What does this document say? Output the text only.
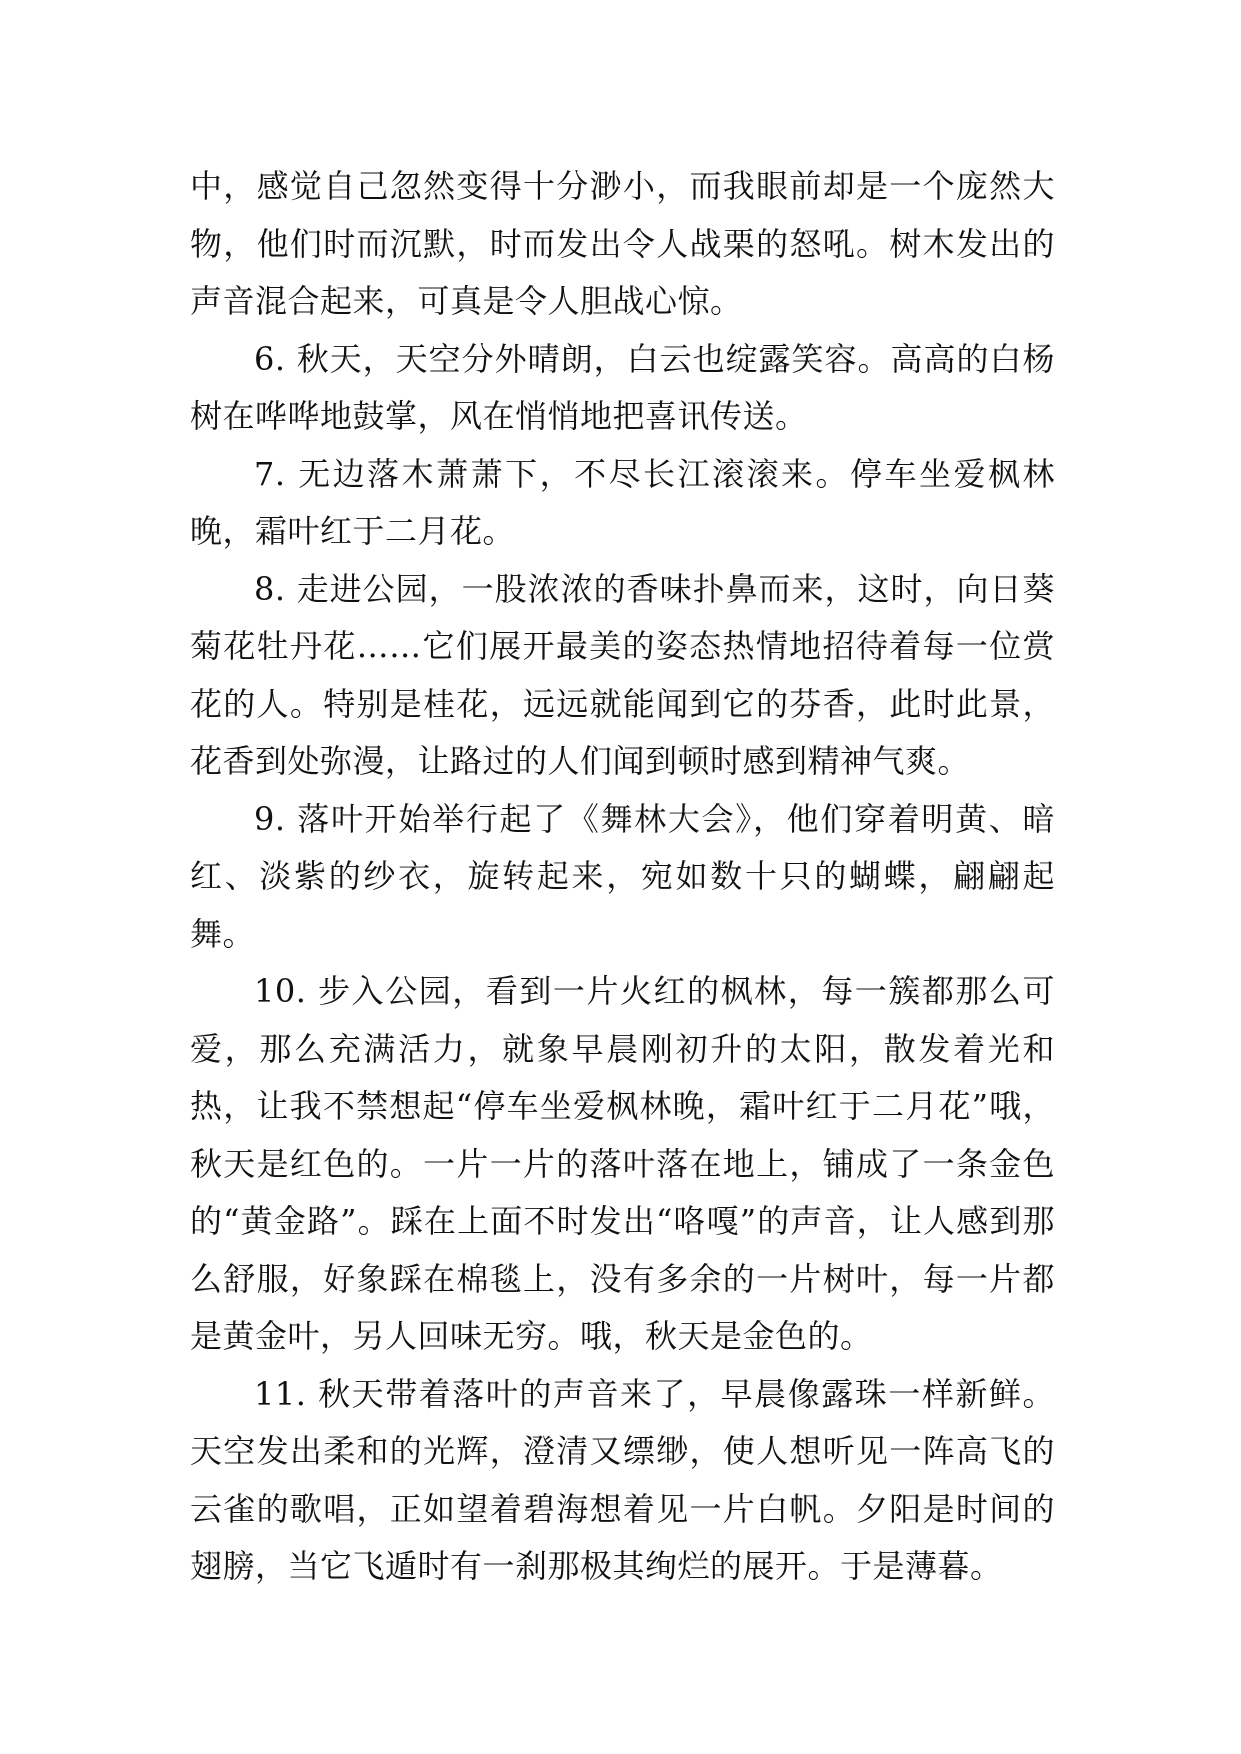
中，感觉自己忽然变得十分渺小，而我眼前却是一个庞然大物，他们时而沉默，时而发出令人战栗的怒吼。树木发出的声音混合起来，可真是令人胆战心惊。

6. 秋天，天空分外晴朗，白云也绽露笑容。高高的白杨树在哗哗地鼓掌，风在悄悄地把喜讯传送。

7. 无边落木萧萧下，不尽长江滚滚来。停车坐爱枫林晚，霜叶红于二月花。

8. 走进公园，一股浓浓的香味扑鼻而来，这时，向日葵菊花牡丹花……它们展开最美的姿态热情地招待着每一位赏花的人。特别是桂花，远远就能闻到它的芬香，此时此景，花香到处弥漫，让路过的人们闻到顿时感到精神气爽。

9. 落叶开始举行起了《舞林大会》，他们穿着明黄、暗红、淡紫的纱衣，旋转起来，宛如数十只的蝴蝶，翩翩起舞。

10. 步入公园，看到一片火红的枫林，每一簇都那么可爱，那么充满活力，就象早晨刚初升的太阳，散发着光和热，让我不禁想起“停车坐爱枫林晚，霜叶红于二月花”哦，秋天是红色的。一片一片的落叶落在地上，铺成了一条金色的“黄金路”。踩在上面不时发出“咯嘎”的声音，让人感到那么舒服，好象踩在棉毯上，没有多余的一片树叶，每一片都是黄金叶，另人回味无穷。哦，秋天是金色的。

11. 秋天带着落叶的声音来了，早晨像露珠一样新鲜。天空发出柔和的光辉，澄清又缥缈，使人想听见一阵高飞的云雀的歌唱，正如望着碧海想着见一片白帆。夕阳是时间的翅膀，当它飞遁时有一刹那极其绚烂的展开。于是薄暮。
